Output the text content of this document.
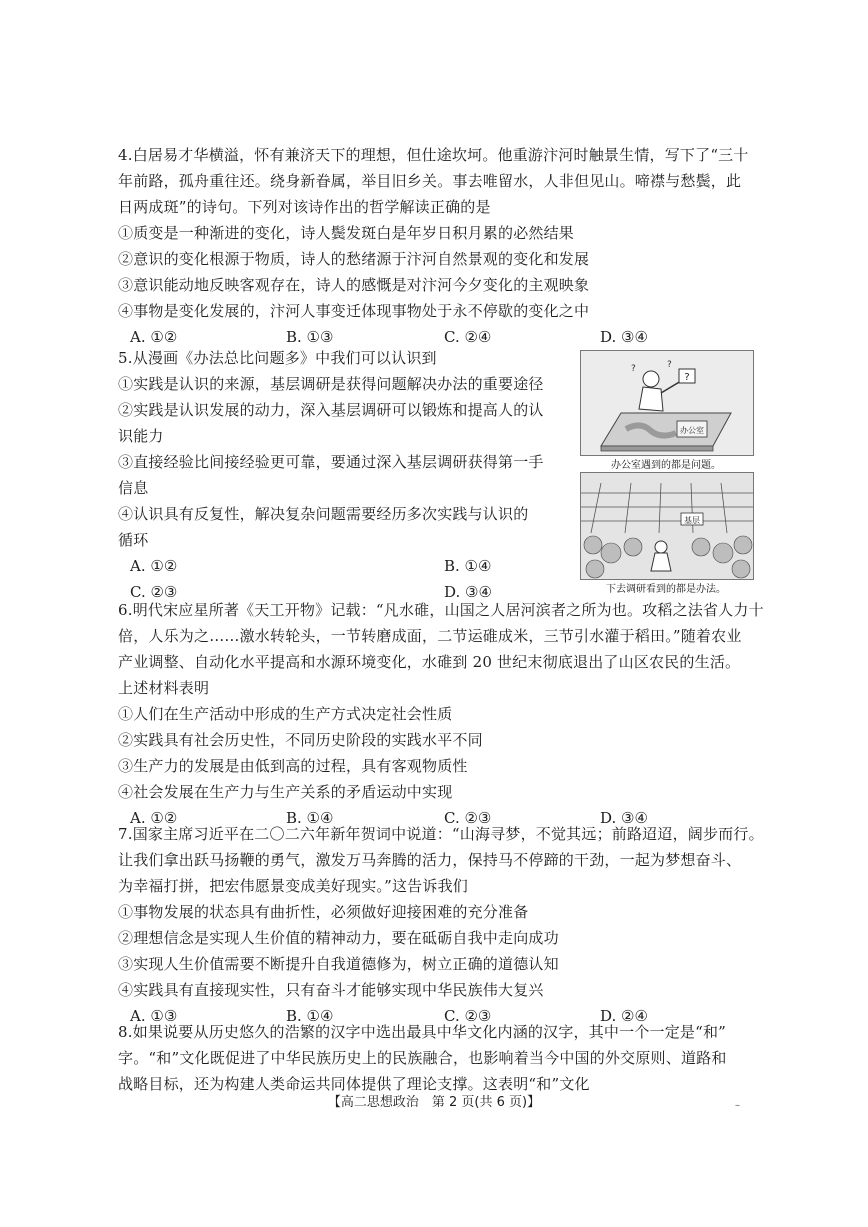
4.白居易才华横溢，怀有兼济天下的理想，但仕途坎坷。他重游汴河时触景生情，写下了“三十
年前路，孤舟重往还。绕身新眷属，举目旧乡关。事去唯留水，人非但见山。啼襟与愁鬓，此
日两成斑”的诗句。下列对该诗作出的哲学解读正确的是
①质变是一种渐进的变化，诗人鬓发斑白是年岁日积月累的必然结果
②意识的变化根源于物质，诗人的愁绪源于汴河自然景观的变化和发展
③意识能动地反映客观存在，诗人的感慨是对汴河今夕变化的主观映象
④事物是变化发展的，汴河人事变迁体现事物处于永不停歇的变化之中
A. ①②	B. ①③	C. ②④	D. ③④
5.从漫画《办法总比问题多》中我们可以认识到
①实践是认识的来源，基层调研是获得问题解决办法的重要途径
②实践是认识发展的动力，深入基层调研可以锻炼和提高人的认
识能力
③直接经验比间接经验更可靠，要通过深入基层调研获得第一手
信息
④认识具有反复性，解决复杂问题需要经历多次实践与认识的
循环
A. ①②	B. ①④
C. ②③	D. ③④
办公室
?
?	?
办公室遇到的都是问题。
基层
下去调研看到的都是办法。
6.明代宋应星所著《天工开物》记载：“凡水碓，山国之人居河滨者之所为也。攻稻之法省人力十
倍，人乐为之……激水转轮头，一节转磨成面，二节运碓成米，三节引水灌于稻田。”随着农业
产业调整、自动化水平提高和水源环境变化，水碓到 20 世纪末彻底退出了山区农民的生活。
上述材料表明
①人们在生产活动中形成的生产方式决定社会性质
②实践具有社会历史性，不同历史阶段的实践水平不同
③生产力的发展是由低到高的过程，具有客观物质性
④社会发展在生产力与生产关系的矛盾运动中实现
A. ①②	B. ①④	C. ②③	D. ③④
7.国家主席习近平在二〇二六年新年贺词中说道：“山海寻梦，不觉其远；前路迢迢，阔步而行。
让我们拿出跃马扬鞭的勇气，激发万马奔腾的活力，保持马不停蹄的干劲，一起为梦想奋斗、
为幸福打拼，把宏伟愿景变成美好现实。”这告诉我们
①事物发展的状态具有曲折性，必须做好迎接困难的充分准备
②理想信念是实现人生价值的精神动力，要在砥砺自我中走向成功
③实现人生价值需要不断提升自我道德修为，树立正确的道德认知
④实践具有直接现实性，只有奋斗才能够实现中华民族伟大复兴
A. ①③	B. ①④	C. ②③	D. ②④
8.如果说要从历史悠久的浩繁的汉字中选出最具中华文化内涵的汉字，其中一个一定是“和”
字。“和”文化既促进了中华民族历史上的民族融合，也影响着当今中国的外交原则、道路和
战略目标，还为构建人类命运共同体提供了理论支撑。这表明“和”文化
【高二思想政治　第 2 页(共 6 页)】	–
